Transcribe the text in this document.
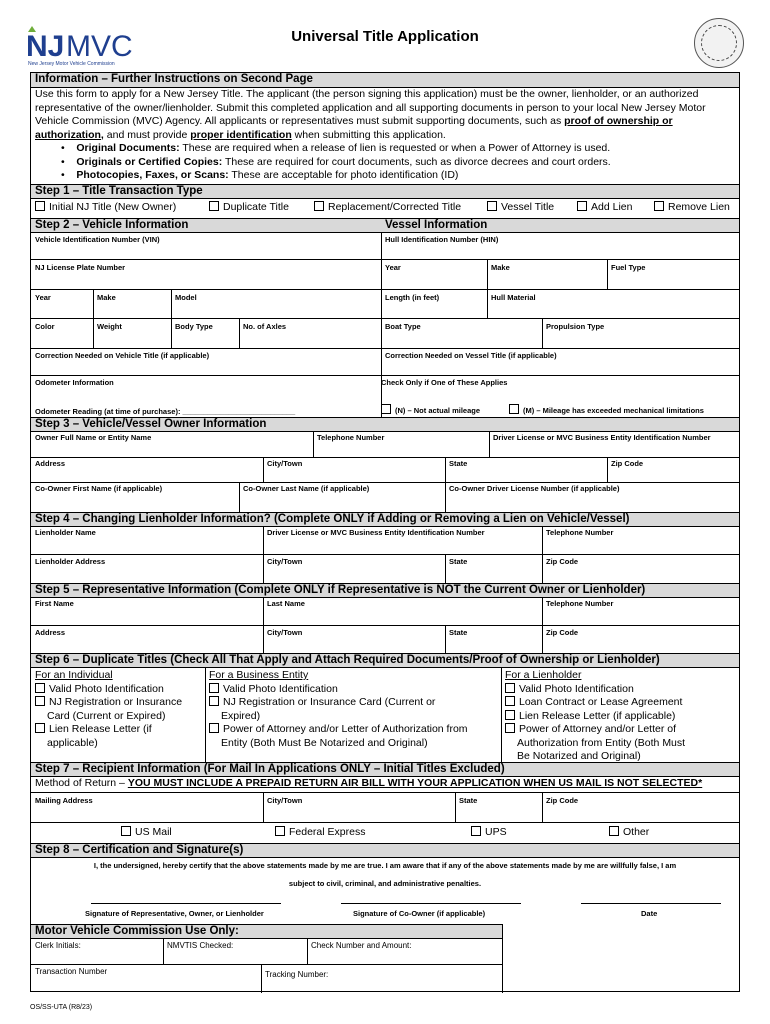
NJ MVC
New Jersey Motor Vehicle Commission
Universal Title Application
Information – Further Instructions on Second Page
Use this form to apply for a New Jersey Title. The applicant (the person signing this application) must be the owner, lienholder, or an authorized representative of the owner/lienholder. Submit this completed application and all supporting documents in person to your local New Jersey Motor Vehicle Commission (MVC) Agency. All applicants or representatives must submit supporting documents, such as proof of ownership or authorization, and must provide proper identification when submitting this application.
•    Original Documents: These are required when a release of lien is requested or when a Power of Attorney is used.
•    Originals or Certified Copies: These are required for court documents, such as divorce decrees and court orders.
•    Photocopies, Faxes, or Scans: These are acceptable for photo identification (ID)
Step 1 – Title Transaction Type
Initial NJ Title (New Owner)	Duplicate Title	Replacement/Corrected Title	Vessel Title	Add Lien	Remove Lien
Step 2 – Vehicle Information	Vessel Information
Vehicle Identification Number (VIN)	Hull Identification Number (HIN)
NJ License Plate Number	Year	Make	Fuel Type
Year	Make	Model	Length (in feet)	Hull Material
Color	Weight	Body Type	No. of Axles	Boat Type	Propulsion Type
Correction Needed on Vehicle Title (if applicable)	Correction Needed on Vessel Title (if applicable)
Odometer Information	Check Only if One of These Applies
Odometer Reading (at time of purchase): ___________________________	(N) – Not actual mileage	(M) – Mileage has exceeded mechanical limitations
Step 3 – Vehicle/Vessel Owner Information
Owner Full Name or Entity Name	Telephone Number	Driver License or MVC Business Entity Identification Number
Address	City/Town	State	Zip Code
Co-Owner First Name (if applicable)	Co-Owner Last Name (if applicable)	Co-Owner Driver License Number (if applicable)
Step 4 – Changing Lienholder Information? (Complete ONLY if Adding or Removing a Lien on Vehicle/Vessel)
Lienholder Name	Driver License or MVC Business Entity Identification Number	Telephone Number
Lienholder Address	City/Town	State	Zip Code
Step 5 – Representative Information (Complete ONLY if Representative is NOT the Current Owner or Lienholder)
First Name	Last Name	Telephone Number
Address	City/Town	State	Zip Code
Step 6 – Duplicate Titles (Check All That Apply and Attach Required Documents/Proof of Ownership or Lienholder)
For an Individual
Valid Photo Identification
NJ Registration or Insurance
Card (Current or Expired)
Lien Release Letter (if
applicable)
For a Business Entity
Valid Photo Identification
NJ Registration or Insurance Card (Current or
Expired)
Power of Attorney and/or Letter of Authorization from
Entity (Both Must Be Notarized and Original)
For a Lienholder
Valid Photo Identification
Loan Contract or Lease Agreement
Lien Release Letter (if applicable)
Power of Attorney and/or Letter of
Authorization from Entity (Both Must
Be Notarized and Original)
Step 7 – Recipient Information (For Mail In Applications ONLY – Initial Titles Excluded)
Method of Return – YOU MUST INCLUDE A PREPAID RETURN AIR BILL WITH YOUR APPLICATION WHEN US MAIL IS NOT SELECTED*
Mailing Address	City/Town	State	Zip Code
US Mail	Federal Express	UPS	Other
Step 8 – Certification and Signature(s)
I, the undersigned, hereby certify that the above statements made by me are true. I am aware that if any of the above statements made by me are willfully false, I am
subject to civil, criminal, and administrative penalties.
Signature of Representative, Owner, or Lienholder	Signature of Co-Owner (if applicable)	Date
Motor Vehicle Commission Use Only:
Clerk Initials:	NMVTIS Checked:	Check Number and Amount:
Transaction Number	Tracking Number:
OS/SS-UTA (R8/23)
